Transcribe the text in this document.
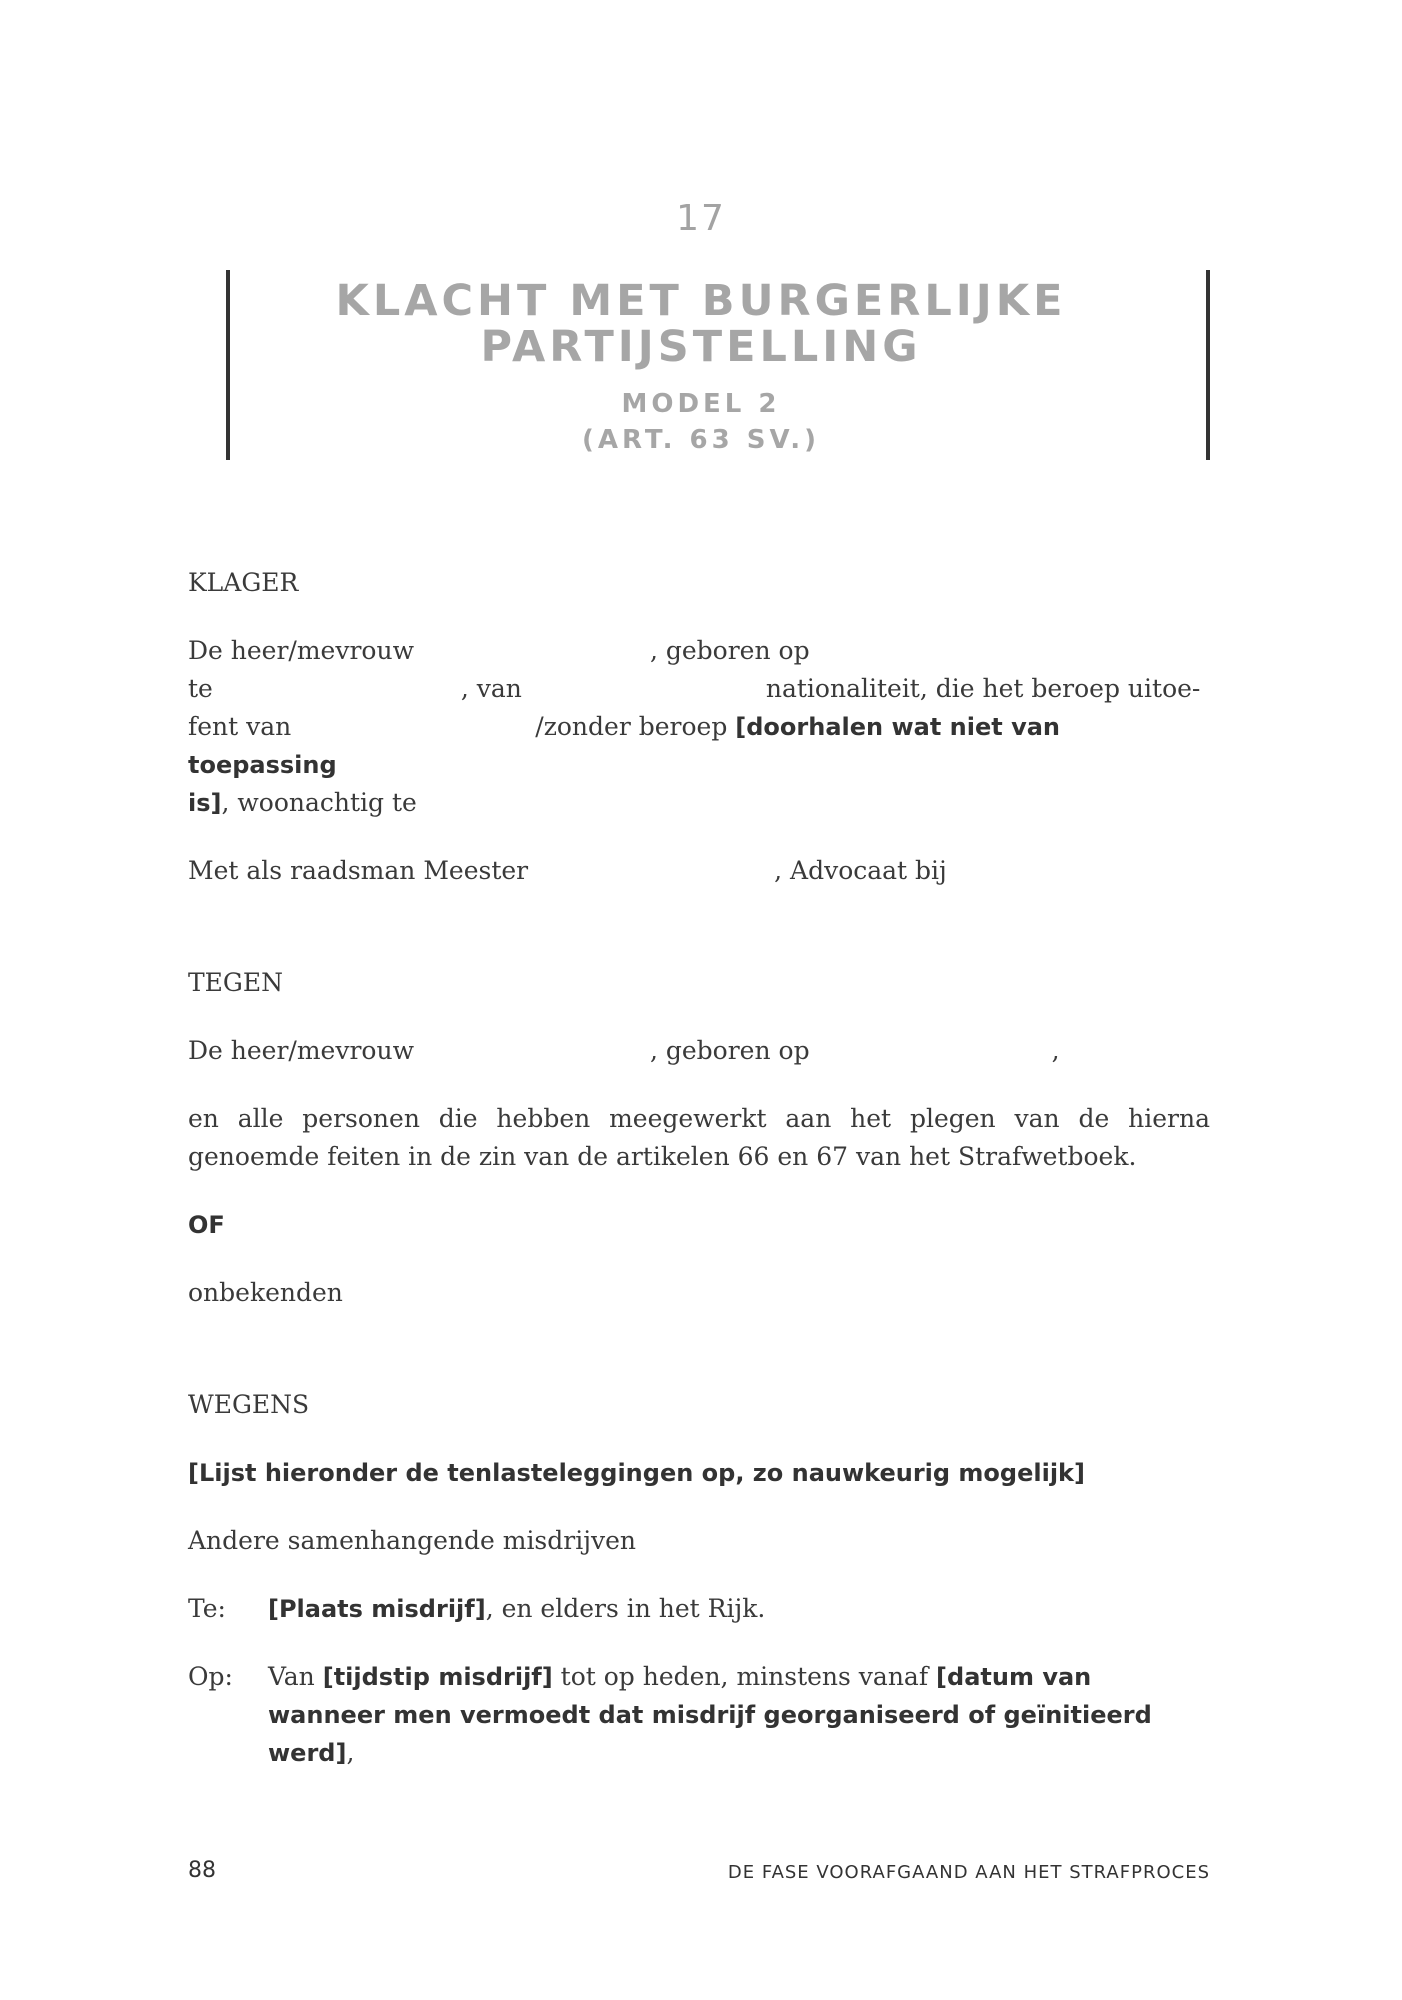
17
KLACHT MET BURGERLIJKE
PARTIJSTELLING
MODEL 2
(ART. 63 SV.)

KLAGER

De heer/mevrouw	, geboren op
te	, van	nationaliteit, die het beroep uitoe-
fent van	/zonder beroep [doorhalen wat niet van toepassing
is], woonachtig te

Met als raadsman Meester	, Advocaat bij

TEGEN

De heer/mevrouw	, geboren op	,

en alle personen die hebben meegewerkt aan het plegen van de hierna genoemde feiten in de zin van de artikelen 66 en 67 van het Strafwetboek.

OF

onbekenden

WEGENS

[Lijst hieronder de tenlasteleggingen op, zo nauwkeurig mogelijk]

Andere samenhangende misdrijven

Te:	[Plaats misdrijf], en elders in het Rijk.
Op:	Van [tijdstip misdrijf] tot op heden, minstens vanaf [datum van wanneer men vermoedt dat misdrijf georganiseerd of geïnitieerd werd],
88	DE FASE VOORAFGAAND AAN HET STRAFPROCES
